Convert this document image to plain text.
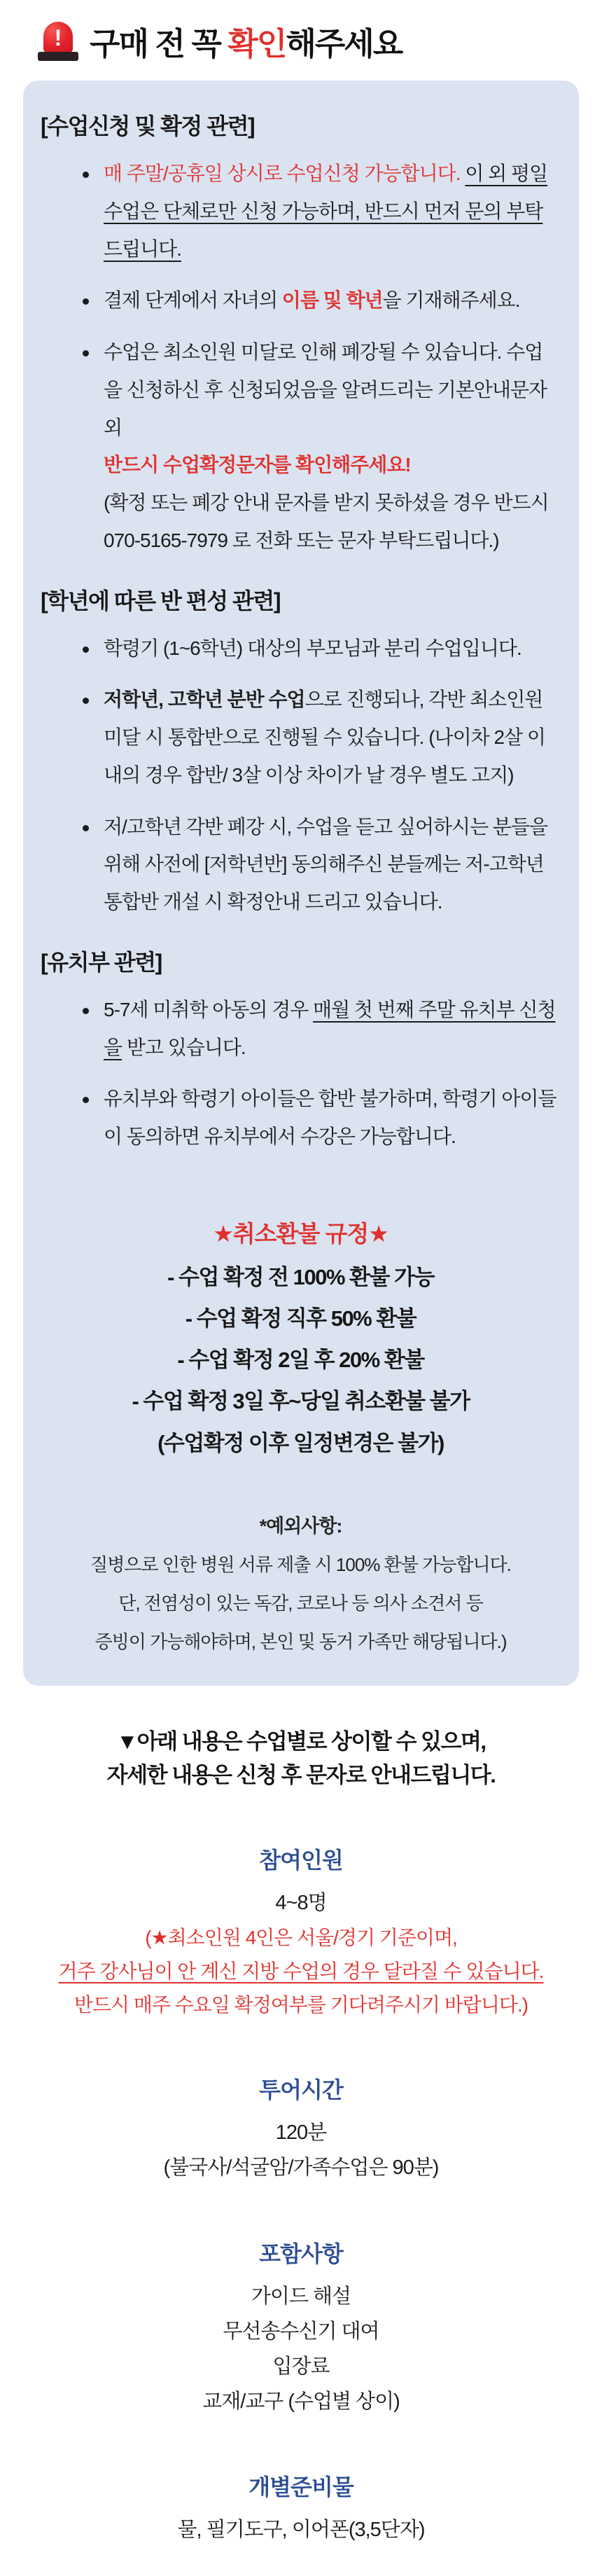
! 구매 전 꼭 확인해주세요
[수업신청 및 확정 관련]
매 주말/공휴일 상시로 수업신청 가능합니다. 이 외 평일 수업은 단체로만 신청 가능하며, 반드시 먼저 문의 부탁드립니다.
결제 단계에서 자녀의 이름 및 학년을 기재해주세요.
수업은 최소인원 미달로 인해 폐강될 수 있습니다. 수업을 신청하신 후 신청되었음을 알려드리는 기본안내문자 외
반드시 수업확정문자를 확인해주세요!
(확정 또는 폐강 안내 문자를 받지 못하셨을 경우 반드시 070-5165-7979 로 전화 또는 문자 부탁드립니다.)
[학년에 따른 반 편성 관련]
학령기 (1~6학년) 대상의 부모님과 분리 수업입니다.
저학년, 고학년 분반 수업으로 진행되나, 각반 최소인원 미달 시 통합반으로 진행될 수 있습니다. (나이차 2살 이내의 경우 합반/ 3살 이상 차이가 날 경우 별도 고지)
저/고학년 각반 폐강 시, 수업을 듣고 싶어하시는 분들을 위해 사전에 [저학년반] 동의해주신 분들께는 저-고학년 통합반 개설 시 확정안내 드리고 있습니다.
[유치부 관련]
5-7세 미취학 아동의 경우 매월 첫 번째 주말 유치부 신청을 받고 있습니다.
유치부와 학령기 아이들은 합반 불가하며, 학령기 아이들이 동의하면 유치부에서 수강은 가능합니다.
★취소환불 규정★
- 수업 확정 전 100% 환불 가능
- 수업 확정 직후 50% 환불
- 수업 확정 2일 후 20% 환불
- 수업 확정 3일 후~당일 취소환불 불가
(수업확정 이후 일정변경은 불가)
*예외사항:
질병으로 인한 병원 서류 제출 시 100% 환불 가능합니다.
단, 전염성이 있는 독감, 코로나 등 의사 소견서 등
증빙이 가능해야하며, 본인 및 동거 가족만 해당됩니다.)
▼아래 내용은 수업별로 상이할 수 있으며,
자세한 내용은 신청 후 문자로 안내드립니다.
참여인원
4~8명
(★최소인원 4인은 서울/경기 기준이며,
거주 강사님이 안 계신 지방 수업의 경우 달라질 수 있습니다.
반드시 매주 수요일 확정여부를 기다려주시기 바랍니다.)
투어시간
120분
(불국사/석굴암/가족수업은 90분)
포함사항
가이드 해설
무선송수신기 대여
입장료
교재/교구 (수업별 상이)
개별준비물
물, 필기도구, 이어폰(3,5단자)
